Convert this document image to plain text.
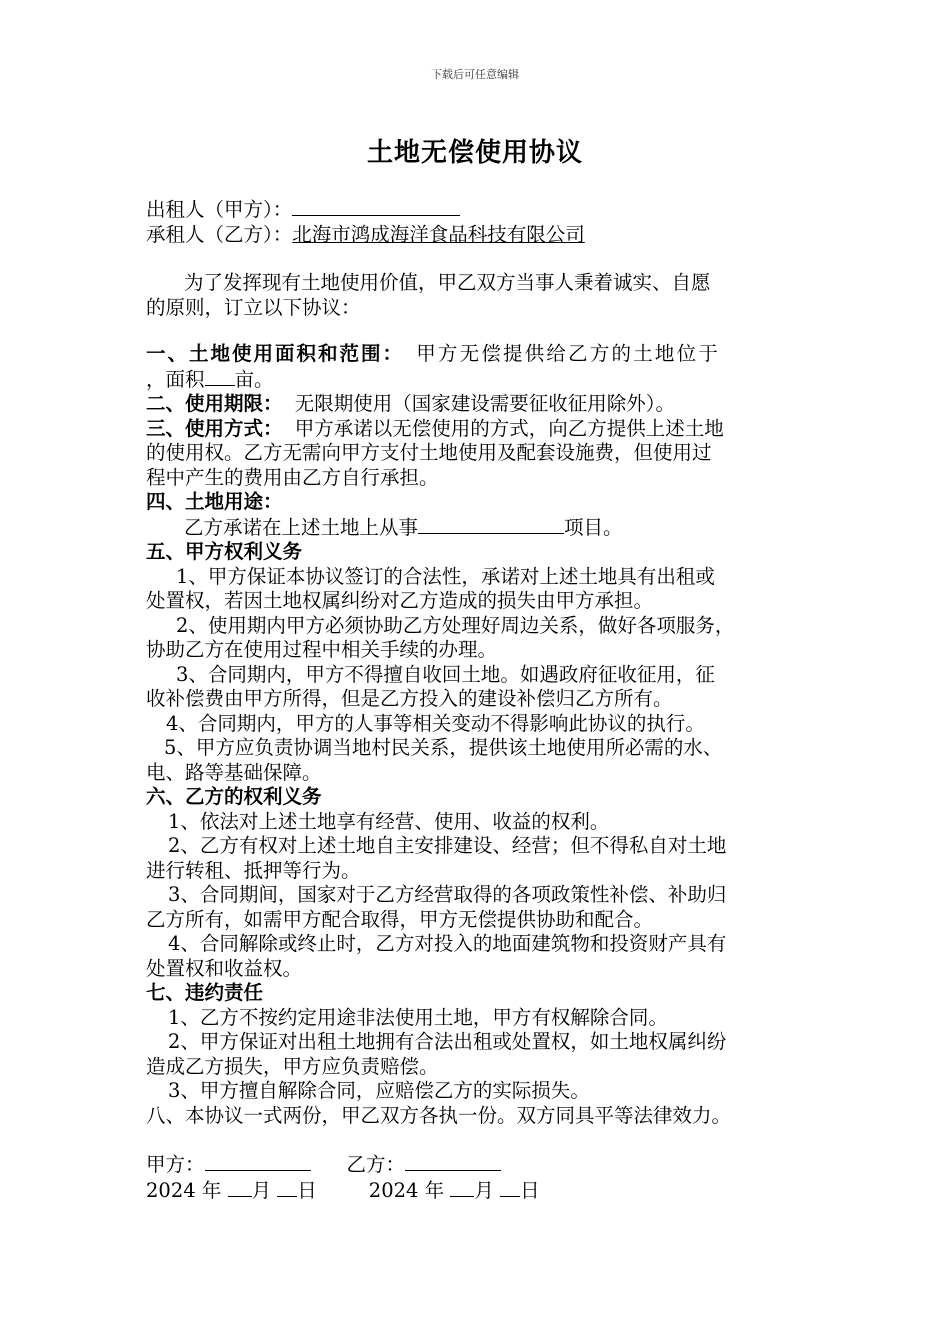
下载后可任意编辑
土地无偿使用协议

出租人（甲方）：

承租人（乙方）：北海市鸿成海洋食品科技有限公司

为了发挥现有土地使用价值，甲乙双方当事人秉着诚实、自愿

的原则，订立以下协议：

一、土地使用面积和范围： 甲方无偿提供给乙方的土地位于

，面积 亩。

二、使用期限： 无限期使用（国家建设需要征收征用除外）。

三、使用方式： 甲方承诺以无偿使用的方式，向乙方提供上述土地

的使用权。乙方无需向甲方支付土地使用及配套设施费，但使用过

程中产生的费用由乙方自行承担。

四、土地用途：

乙方承诺在上述土地上从事	项目。

五、甲方权利义务

1、甲方保证本协议签订的合法性，承诺对上述土地具有出租或

处置权，若因土地权属纠纷对乙方造成的损失由甲方承担。

2、使用期内甲方必须协助乙方处理好周边关系，做好各项服务，

协助乙方在使用过程中相关手续的办理。

3、合同期内，甲方不得擅自收回土地。如遇政府征收征用，征

收补偿费由甲方所得，但是乙方投入的建设补偿归乙方所有。

4、合同期内，甲方的人事等相关变动不得影响此协议的执行。

5、甲方应负责协调当地村民关系，提供该土地使用所必需的水、

电、路等基础保障。

六、乙方的权利义务

1、依法对上述土地享有经营、使用、收益的权利。

2、乙方有权对上述土地自主安排建设、经营；但不得私自对土地

进行转租、抵押等行为。

3、合同期间，国家对于乙方经营取得的各项政策性补偿、补助归

乙方所有，如需甲方配合取得，甲方无偿提供协助和配合。

4、合同解除或终止时，乙方对投入的地面建筑物和投资财产具有

处置权和收益权。

七、违约责任

1、乙方不按约定用途非法使用土地，甲方有权解除合同。

2、甲方保证对出租土地拥有合法出租或处置权，如土地权属纠纷

造成乙方损失，甲方应负责赔偿。

3、甲方擅自解除合同，应赔偿乙方的实际损失。

八、本协议一式两份，甲乙双方各执一份。双方同具平等法律效力。

甲方：	乙方：

2024 年 月 日	2024 年 月 日
